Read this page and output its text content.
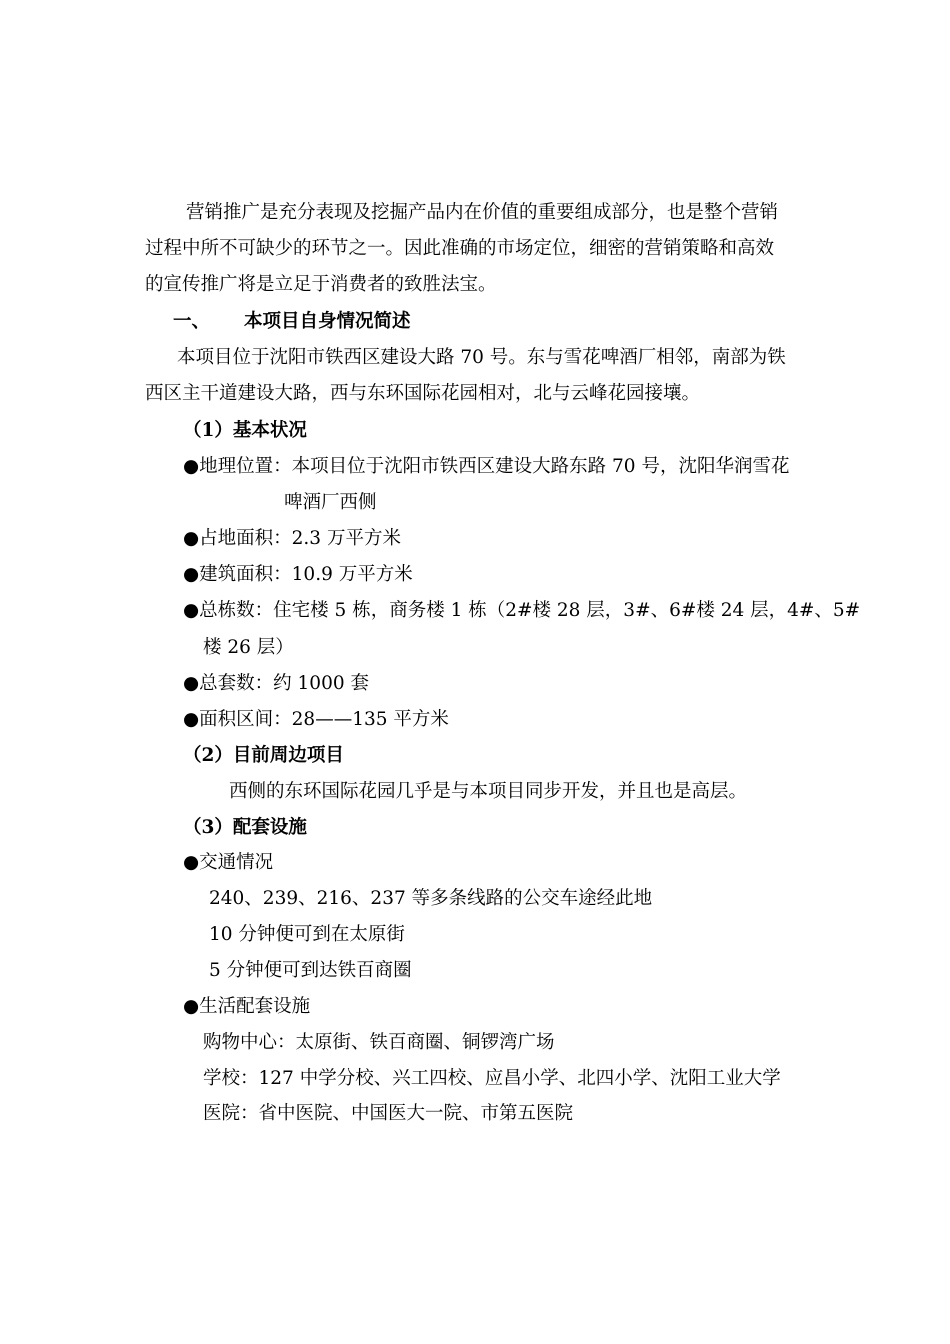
营销推广是充分表现及挖掘产品内在价值的重要组成部分，也是整个营销

过程中所不可缺少的环节之一。因此准确的市场定位，细密的营销策略和高效

的宣传推广将是立足于消费者的致胜法宝。

一、 本项目自身情况简述

本项目位于沈阳市铁西区建设大路 70 号。东与雪花啤酒厂相邻，南部为铁

西区主干道建设大路，西与东环国际花园相对，北与云峰花园接壤。

（1）基本状况

●地理位置：本项目位于沈阳市铁西区建设大路东路 70 号，沈阳华润雪花

啤酒厂西侧

●占地面积：2.3 万平方米

●建筑面积：10.9 万平方米

●总栋数：住宅楼 5 栋，商务楼 1 栋（2#楼 28 层，3#、6#楼 24 层，4#、5#

楼 26 层）

●总套数：约 1000 套

●面积区间：28——135 平方米

（2）目前周边项目

西侧的东环国际花园几乎是与本项目同步开发，并且也是高层。

（3）配套设施

●交通情况

240、239、216、237 等多条线路的公交车途经此地

10 分钟便可到在太原街

5 分钟便可到达铁百商圈

●生活配套设施

购物中心：太原街、铁百商圈、铜锣湾广场

学校：127 中学分校、兴工四校、应昌小学、北四小学、沈阳工业大学

医院：省中医院、中国医大一院、市第五医院
